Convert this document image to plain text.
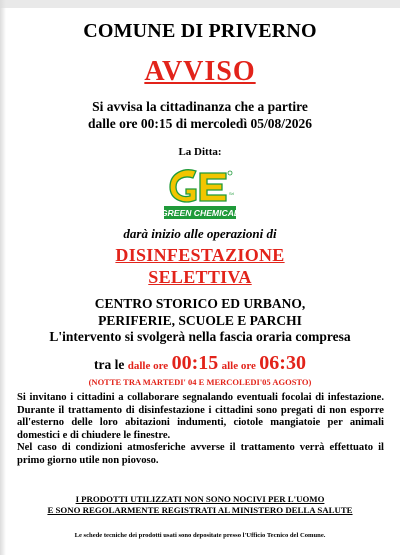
COMUNE DI PRIVERNO
AVVISO
Si avvisa la cittadinanza che a partire
dalle ore 00:15 di mercoledì 05/08/2026
La Ditta:
Srl
GREEN CHEMICAL
darà inizio alle operazioni di
DISINFESTAZIONE
SELETTIVA
CENTRO STORICO ED URBANO,
PERIFERIE, SCUOLE E PARCHI
L'intervento si svolgerà nella fascia oraria compresa
tra le dalle ore 00:15 alle ore 06:30
(NOTTE TRA MARTEDI' 04 E MERCOLEDI'05 AGOSTO)

Si invitano i cittadini a collaborare segnalando eventuali focolai di infestazione. Durante il trattamento di disinfestazione i cittadini sono pregati di non esporre all'esterno delle loro abitazioni indumenti, ciotole mangiatoie per animali domestici e di chiudere le finestre.

Nel caso di condizioni atmosferiche avverse il trattamento verrà effettuato il primo giorno utile non piovoso.

I PRODOTTI UTILIZZATI NON SONO NOCIVI PER L'UOMO
E SONO REGOLARMENTE REGISTRATI AL MINISTERO DELLA SALUTE
Le schede tecniche dei prodotti usati sono depositate presso l'Ufficio Tecnico del Comune.
